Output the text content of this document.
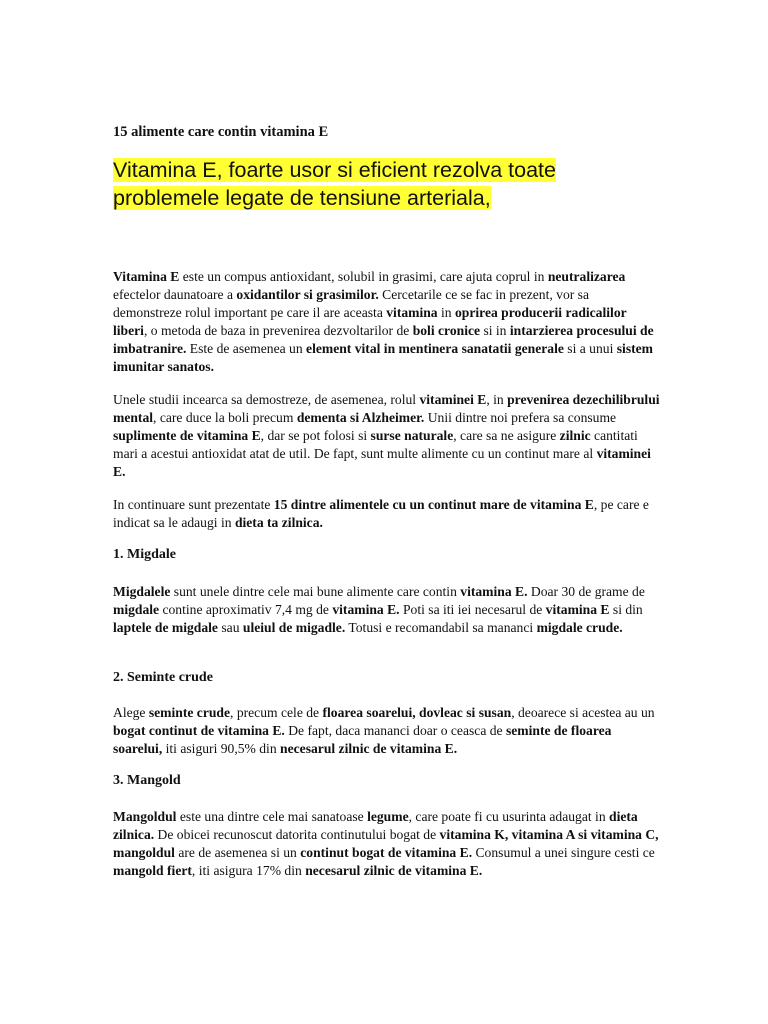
15 alimente care contin vitamina E

Vitamina E, foarte usor si eficient rezolva toate problemele legate de tensiune arteriala,

Vitamina E este un compus antioxidant, solubil in grasimi, care ajuta coprul in neutralizarea efectelor daunatoare a oxidantilor si grasimilor. Cercetarile ce se fac in prezent, vor sa demonstreze rolul important pe care il are aceasta vitamina in oprirea producerii radicalilor liberi, o metoda de baza in prevenirea dezvoltarilor de boli cronice si in intarzierea procesului de imbatranire. Este de asemenea un element vital in mentinera sanatatii generale si a unui sistem imunitar sanatos.

Unele studii incearca sa demostreze, de asemenea, rolul vitaminei E, in prevenirea dezechilibrului mental, care duce la boli precum dementa si Alzheimer. Unii dintre noi prefera sa consume suplimente de vitamina E, dar se pot folosi si surse naturale, care sa ne asigure zilnic cantitati mari a acestui antioxidat atat de util. De fapt, sunt multe alimente cu un continut mare al vitaminei E.

In continuare sunt prezentate 15 dintre alimentele cu un continut mare de vitamina E, pe care e indicat sa le adaugi in dieta ta zilnica.

1. Migdale

Migdalele sunt unele dintre cele mai bune alimente care contin vitamina E. Doar 30 de grame de migdale contine aproximativ 7,4 mg de vitamina E. Poti sa iti iei necesarul de vitamina E si din laptele de migdale sau uleiul de migadle. Totusi e recomandabil sa mananci migdale crude.

2. Seminte crude

Alege seminte crude, precum cele de floarea soarelui, dovleac si susan, deoarece si acestea au un bogat continut de vitamina E. De fapt, daca mananci doar o ceasca de seminte de floarea soarelui, iti asiguri 90,5% din necesarul zilnic de vitamina E.

3. Mangold

Mangoldul este una dintre cele mai sanatoase legume, care poate fi cu usurinta adaugat in dieta zilnica. De obicei recunoscut datorita continutului bogat de vitamina K, vitamina A si vitamina C, mangoldul are de asemenea si un continut bogat de vitamina E. Consumul a unei singure cesti ce mangold fiert, iti asigura 17% din necesarul zilnic de vitamina E.
